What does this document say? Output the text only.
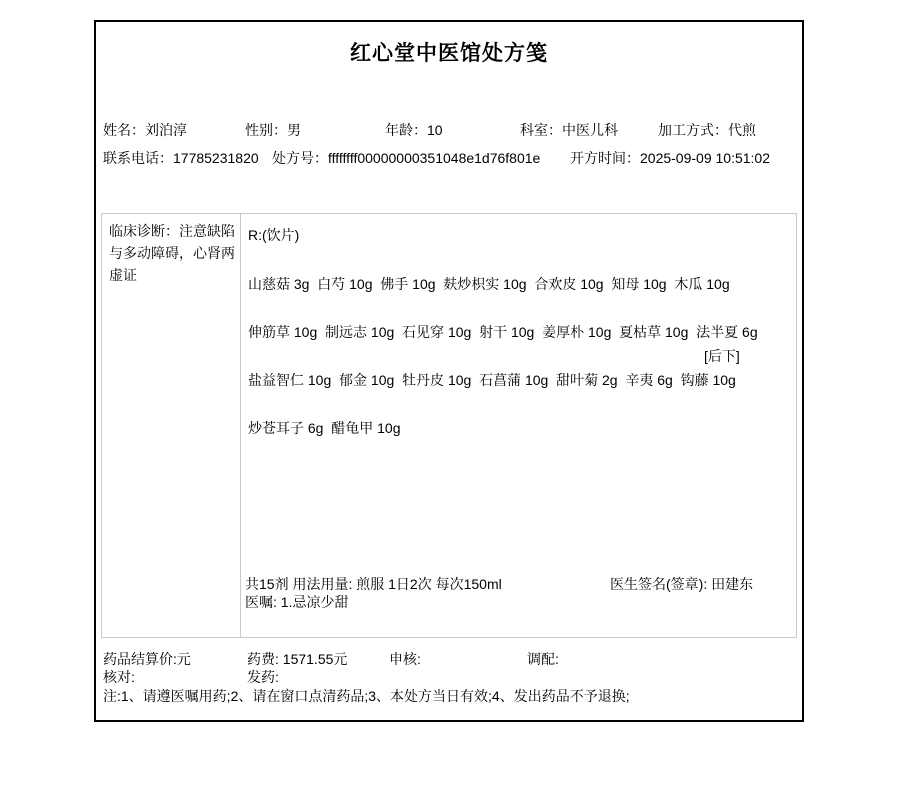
红心堂中医馆处方笺
姓名：刘泊淳	性别：男	年龄：10	科室：中医儿科	加工方式：代煎
联系电话：17785231820 处方号：ffffffff00000000351048e1d76f801e 开方时间：2025-09-09 10:51:02
临床诊断：注意缺陷与多动障碍，心肾两虚证
R:(饮片)
山慈菇 3g  白芍 10g  佛手 10g  麸炒枳实 10g  合欢皮 10g  知母 10g  木瓜 10g
伸筋草 10g  制远志 10g  石见穿 10g  射干 10g  姜厚朴 10g  夏枯草 10g  法半夏 6g
[后下]
盐益智仁 10g  郁金 10g  牡丹皮 10g  石菖蒲 10g  甜叶菊 2g  辛夷 6g  钩藤 10g
炒苍耳子 6g  醋龟甲 10g
共15剂 用法用量: 煎服 1日2次 每次150ml
医嘱: 1.忌凉少甜
医生签名(签章): 田建东
药品结算价:元	药费: 1571.55元	申核:	调配:
核对:	发药:
注:1、请遵医嘱用药;2、请在窗口点清药品;3、本处方当日有效;4、发出药品不予退换;
